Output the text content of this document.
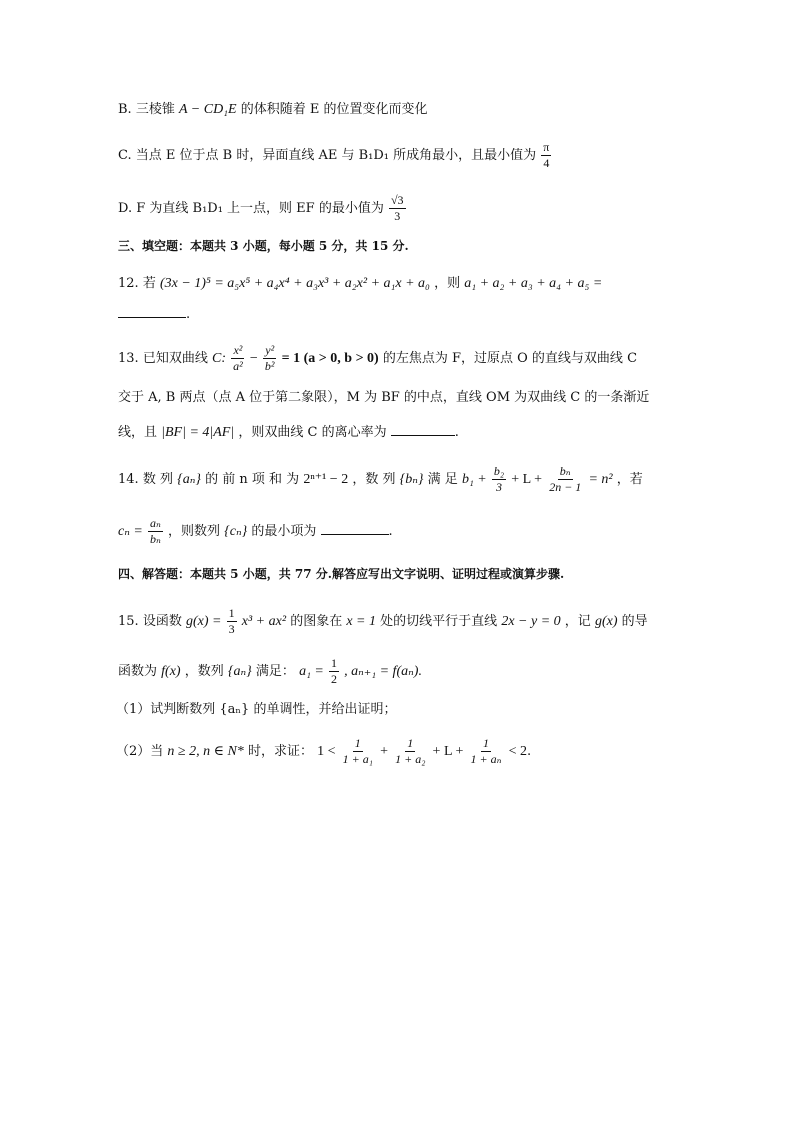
B. 三棱锥 A − CD₁E 的体积随着 E 的位置变化而变化
C. 当点 E 位于点 B 时，异面直线 AE 与 B₁D₁ 所成角最小，且最小值为 $\frac{\pi}{4}$
D. F 为直线 B₁D₁ 上一点，则 EF 的最小值为 $\frac{√3}{3}$
三、填空题：本题共 3 小题，每小题 5 分，共 15 分.
12. 若 (3x − 1)⁵ = a₅x⁵ + a₄x⁴ + a₃x³ + a₂x² + a₁x + a₀ ，则 a₁ + a₂ + a₃ + a₄ + a₅ =
.
13. 已知双曲线 C: $\frac{\text{x²}}{\text{a²}} - \frac{\text{y²}}{\text{b²}} = 1$ (a > 0, b > 0) 的左焦点为 F，过原点 O 的直线与双曲线 C
交于 A, B 两点（点 A 位于第二象限），M 为 BF 的中点，直线 OM 为双曲线 C 的一条渐近
线，且 |BF| = 4|AF| ，则双曲线 C 的离心率为	.
14. 数 列 {aₙ} 的 前 n 项 和 为 2ⁿ⁺¹ − 2 ，数 列 {bₙ} 满 足 $b_1 + \frac{\text{b₂}}{3} + L + \frac{\text{bₙ}}{2n - 1} = n^2$ ，若
$c_n = \frac{\text{aₙ}}{\text{bₙ}}$ ，则数列 {cₙ} 的最小项为	.
四、解答题：本题共 5 小题，共 77 分.解答应写出文字说明、证明过程或演算步骤.
15. 设函数 $g(x) = \frac{1}{3} x^3 + ax^2$ 的图象在 x = 1 处的切线平行于直线 2x − y = 0 ，记 g(x) 的导
函数为 f(x) ，数列 {aₙ} 满足： $a_1 = \frac{1}{2}$ , aₙ₊₁ = f(aₙ).
（1）试判断数列 {aₙ} 的单调性，并给出证明；
（2）当 n ≥ 2, n ∈ N* 时，求证： $1 < \frac{1}{\text{1 + a₁}} + \frac{1}{\text{1 + a₂}} + L + \frac{1}{\text{1 + aₙ}} < 2$.
